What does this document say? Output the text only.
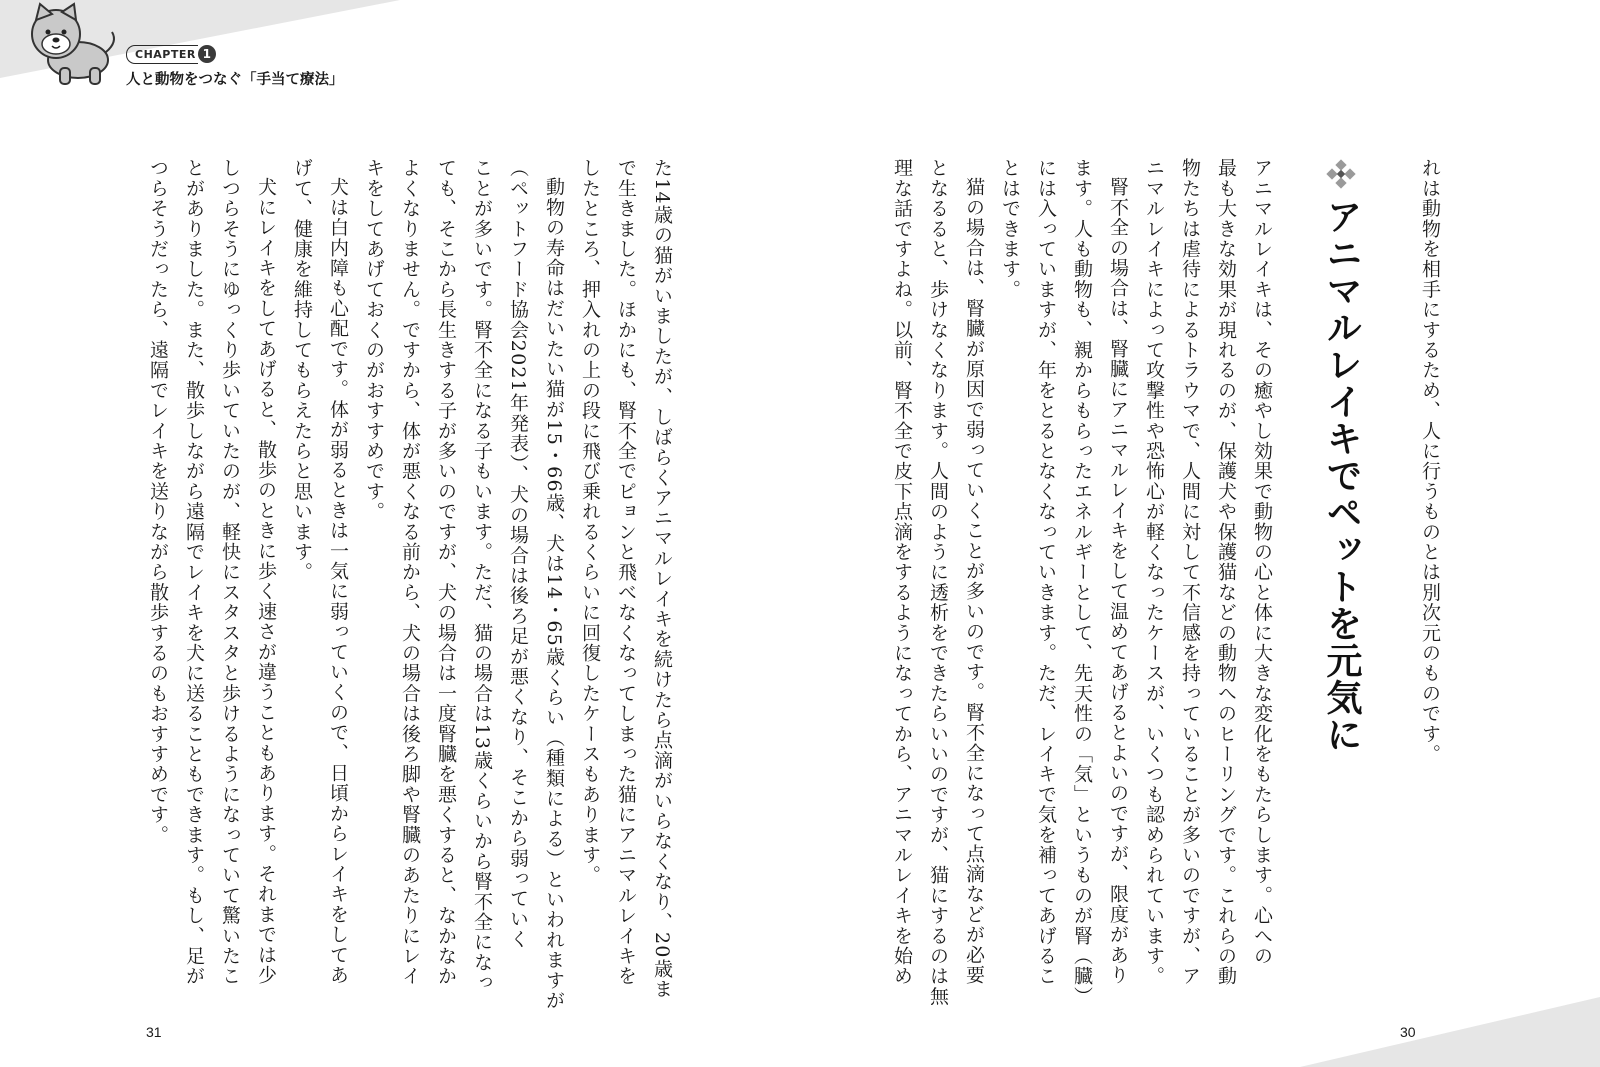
CHAPTER 1
人と動物をつなぐ「手当て療法」
れは動物を相手にするため、人に行うものとは別次元のものです。
アニマルレイキでペットを元気に
アニマルレイキは、その癒やし効果で動物の心と体に大きな変化をもたらします。心への
最も大きな効果が現れるのが、保護犬や保護猫などの動物へのヒーリングです。これらの動
物たちは虐待によるトラウマで、人間に対して不信感を持っていることが多いのですが、ア
ニマルレイキによって攻撃性や恐怖心が軽くなったケースが、いくつも認められています。
腎不全の場合は、腎臓にアニマルレイキをして温めてあげるとよいのですが、限度があり
ます。人も動物も、親からもらったエネルギーとして、先天性の「気」というものが腎（臓）
には入っていますが、年をとるとなくなっていきます。ただ、レイキで気を補ってあげるこ
とはできます。
猫の場合は、腎臓が原因で弱っていくことが多いのです。腎不全になって点滴などが必要
となるると、歩けなくなります。人間のように透析をできたらいいのですが、猫にするのは無
理な話ですよね。以前、腎不全で皮下点滴をするようになってから、アニマルレイキを始め
30
た14歳の猫がいましたが、しばらくアニマルレイキを続けたら点滴がいらなくなり、20歳ま
で生きました。ほかにも、腎不全でピョンと飛べなくなってしまった猫にアニマルレイキを
したところ、押入れの上の段に飛び乗れるくらいに回復したケースもあります。
動物の寿命はだいたい猫が15・66歳、犬は14・65歳くらい（種類による）といわれますが
（ペットフード協会2021年発表）、犬の場合は後ろ足が悪くなり、そこから弱っていく
ことが多いです。腎不全になる子もいます。ただ、猫の場合は13歳くらいから腎不全になっ
ても、そこから長生きする子が多いのですが、犬の場合は一度腎臓を悪くすると、なかなか
よくなりません。ですから、体が悪くなる前から、犬の場合は後ろ脚や腎臓のあたりにレイ
キをしてあげておくのがおすすめです。
犬は白内障も心配です。体が弱るときは一気に弱っていくので、日頃からレイキをしてあ
げて、健康を維持してもらえたらと思います。
犬にレイキをしてあげると、散歩のときに歩く速さが違うこともあります。それまでは少
しつらそうにゆっくり歩いていたのが、軽快にスタスタと歩けるようになっていて驚いたこ
とがありました。また、散歩しながら遠隔でレイキを犬に送ることもできます。もし、足が
つらそうだったら、遠隔でレイキを送りながら散歩するのもおすすめです。
31
